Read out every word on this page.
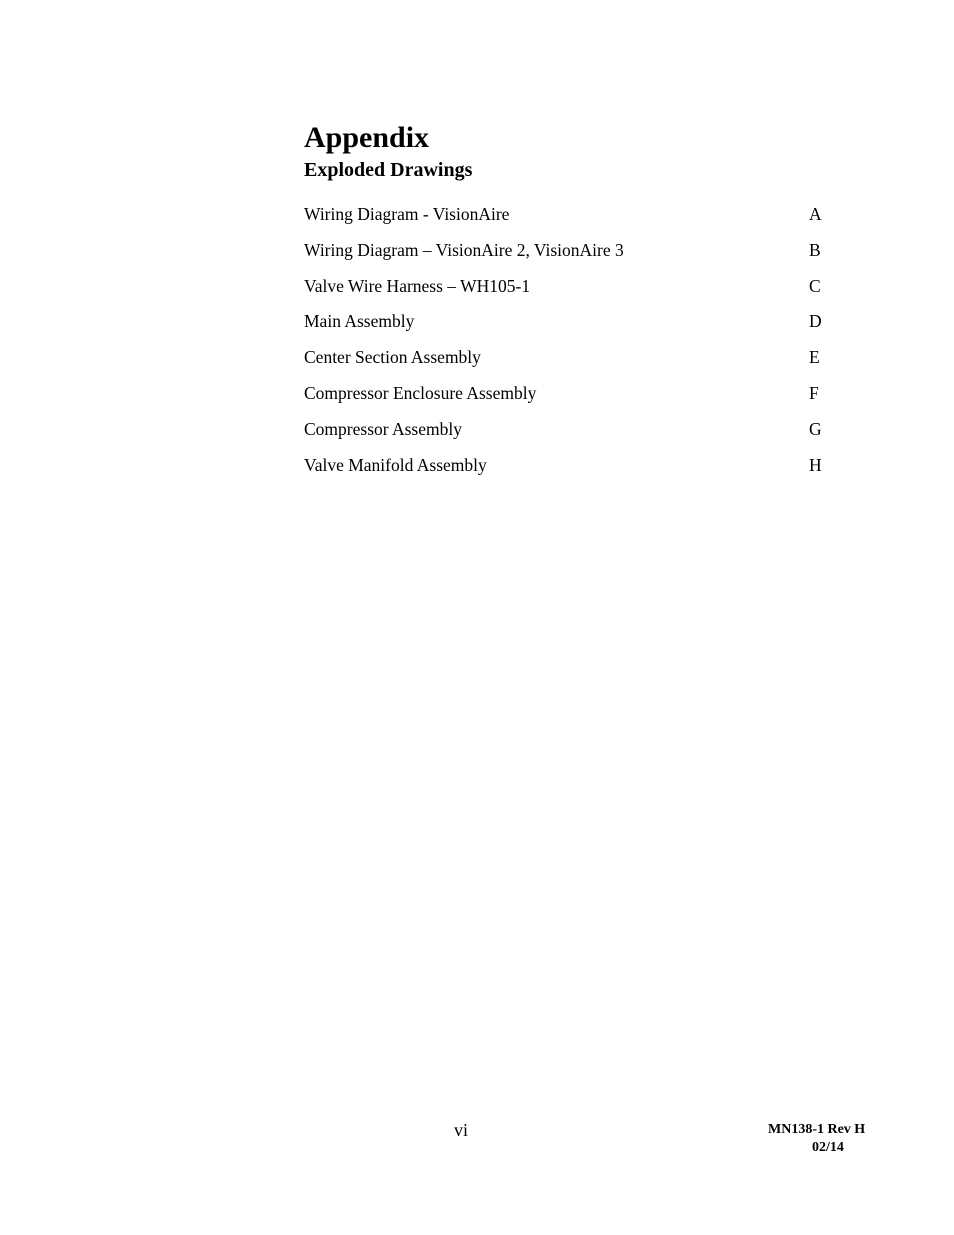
Appendix
Exploded Drawings
Wiring Diagram - VisionAire	A
Wiring Diagram – VisionAire 2, VisionAire 3	B
Valve Wire Harness – WH105-1	C
Main Assembly	D
Center Section Assembly	E
Compressor Enclosure Assembly	F
Compressor Assembly	G
Valve Manifold Assembly	H
vi	MN138-1 Rev H
02/14
